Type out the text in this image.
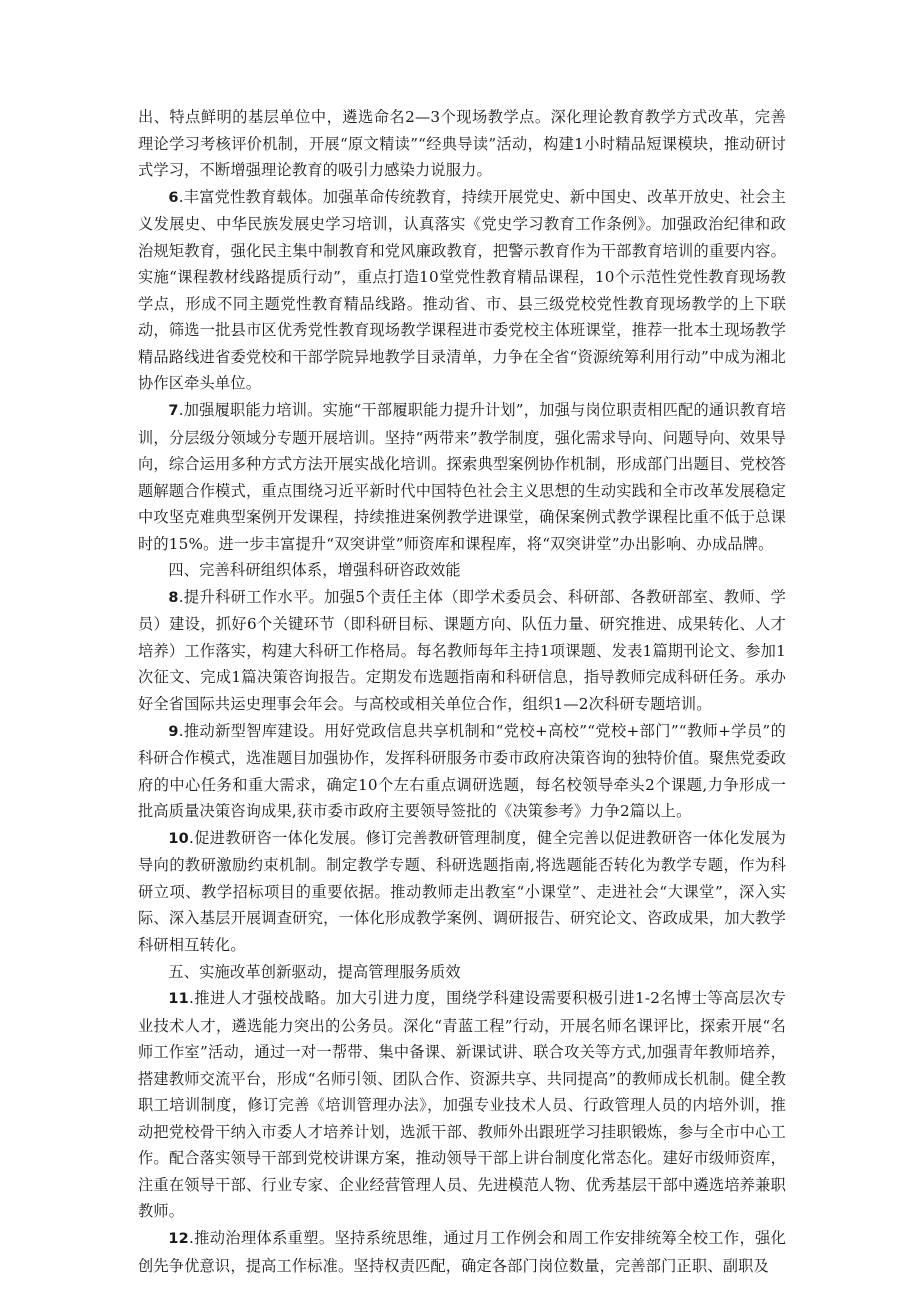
出、特点鲜明的基层单位中，遴选命名2—3个现场教学点。深化理论教育教学方式改革，完善理论学习考核评价机制，开展“原文精读”“经典导读”活动，构建1小时精品短课模块，推动研讨式学习，不断增强理论教育的吸引力感染力说服力。

6.丰富党性教育载体。加强革命传统教育，持续开展党史、新中国史、改革开放史、社会主义发展史、中华民族发展史学习培训，认真落实《党史学习教育工作条例》。加强政治纪律和政治规矩教育，强化民主集中制教育和党风廉政教育，把警示教育作为干部教育培训的重要内容。实施“课程教材线路提质行动”，重点打造10堂党性教育精品课程，10个示范性党性教育现场教学点，形成不同主题党性教育精品线路。推动省、市、县三级党校党性教育现场教学的上下联动，筛选一批县市区优秀党性教育现场教学课程进市委党校主体班课堂，推荐一批本土现场教学精品路线进省委党校和干部学院异地教学目录清单，力争在全省“资源统筹利用行动”中成为湘北协作区牵头单位。

7.加强履职能力培训。实施“干部履职能力提升计划”，加强与岗位职责相匹配的通识教育培训，分层级分领域分专题开展培训。坚持“两带来”教学制度，强化需求导向、问题导向、效果导向，综合运用多种方式方法开展实战化培训。探索典型案例协作机制，形成部门出题目、党校答题解题合作模式，重点围绕习近平新时代中国特色社会主义思想的生动实践和全市改革发展稳定中攻坚克难典型案例开发课程，持续推进案例教学进课堂，确保案例式教学课程比重不低于总课时的15%。进一步丰富提升“双突讲堂”师资库和课程库，将“双突讲堂”办出影响、办成品牌。

四、完善科研组织体系，增强科研咨政效能

8.提升科研工作水平。加强5个责任主体（即学术委员会、科研部、各教研部室、教师、学员）建设，抓好6个关键环节（即科研目标、课题方向、队伍力量、研究推进、成果转化、人才培养）工作落实，构建大科研工作格局。每名教师每年主持1项课题、发表1篇期刊论文、参加1次征文、完成1篇决策咨询报告。定期发布选题指南和科研信息，指导教师完成科研任务。承办好全省国际共运史理事会年会。与高校或相关单位合作，组织1—2次科研专题培训。

9.推动新型智库建设。用好党政信息共享机制和“党校+高校”“党校+部门”“教师+学员”的科研合作模式，选准题目加强协作，发挥科研服务市委市政府决策咨询的独特价值。聚焦党委政府的中心任务和重大需求，确定10个左右重点调研选题，每名校领导牵头2个课题,力争形成一批高质量决策咨询成果,获市委市政府主要领导签批的《决策参考》力争2篇以上。

10.促进教研咨一体化发展。修订完善教研管理制度，健全完善以促进教研咨一体化发展为导向的教研激励约束机制。制定教学专题、科研选题指南,将选题能否转化为教学专题，作为科研立项、教学招标项目的重要依据。推动教师走出教室“小课堂”、走进社会“大课堂”，深入实际、深入基层开展调查研究，一体化形成教学案例、调研报告、研究论文、咨政成果，加大教学科研相互转化。

五、实施改革创新驱动，提高管理服务质效

11.推进人才强校战略。加大引进力度，围绕学科建设需要积极引进1-2名博士等高层次专业技术人才，遴选能力突出的公务员。深化“青蓝工程”行动，开展名师名课评比，探索开展“名师工作室”活动，通过一对一帮带、集中备课、新课试讲、联合攻关等方式,加强青年教师培养，搭建教师交流平台，形成“名师引领、团队合作、资源共享、共同提高”的教师成长机制。健全教职工培训制度，修订完善《培训管理办法》，加强专业技术人员、行政管理人员的内培外训，推动把党校骨干纳入市委人才培养计划，选派干部、教师外出跟班学习挂职锻炼，参与全市中心工作。配合落实领导干部到党校讲课方案，推动领导干部上讲台制度化常态化。建好市级师资库，注重在领导干部、行业专家、企业经营管理人员、先进模范人物、优秀基层干部中遴选培养兼职教师。

12.推动治理体系重塑。坚持系统思维，通过月工作例会和周工作安排统筹全校工作，强化创先争优意识，提高工作标准。坚持权责匹配，确定各部门岗位数量，完善部门正职、副职及
